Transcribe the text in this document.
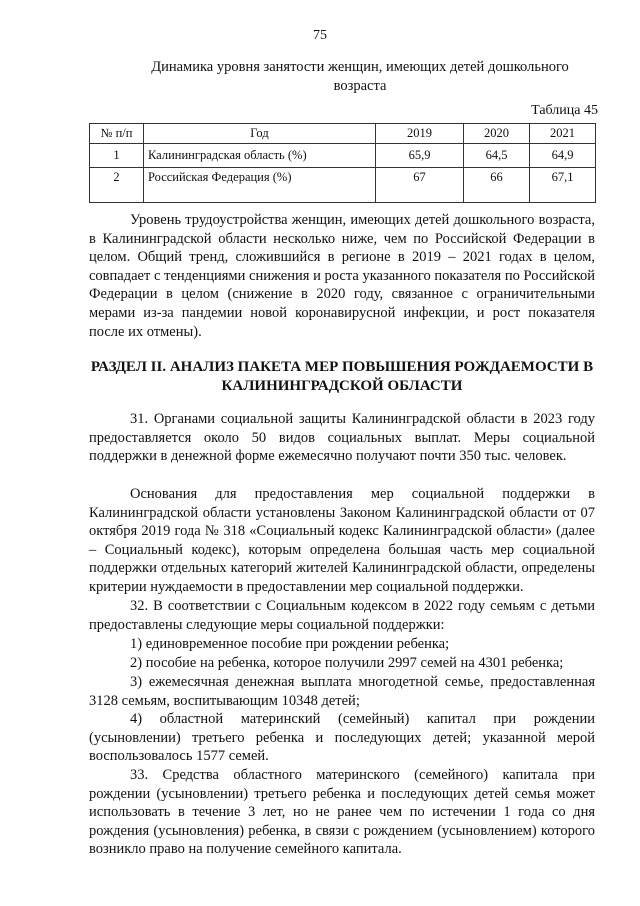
75
Динамика уровня занятости женщин, имеющих детей дошкольного возраста
Таблица 45
№ п/п	Год	2019	2020	2021
1	Калининградская область (%)	65,9	64,5	64,9
2	Российская Федерация (%)	67	66	67,1

Уровень трудоустройства женщин, имеющих детей дошкольного возраста, в Калининградской области несколько ниже, чем по Российской Федерации в целом. Общий тренд, сложившийся в регионе в 2019 – 2021 годах в целом, совпадает с тенденциями снижения и роста указанного показателя по Российской Федерации в целом (снижение в 2020 году, связанное с ограничительными мерами из-за пандемии новой коронавирусной инфекции, и рост показателя после их отмены).

РАЗДЕЛ II. АНАЛИЗ ПАКЕТА МЕР ПОВЫШЕНИЯ РОЖДАЕМОСТИ В КАЛИНИНГРАДСКОЙ ОБЛАСТИ

31. Органами социальной защиты Калининградской области в 2023 году предоставляется около 50 видов социальных выплат. Меры социальной поддержки в денежной форме ежемесячно получают почти 350 тыс. человек.

Основания для предоставления мер социальной поддержки в Калининградской области установлены Законом Калининградской области от 07 октября 2019 года № 318 «Социальный кодекс Калининградской области» (далее – Социальный кодекс), которым определена большая часть мер социальной поддержки отдельных категорий жителей Калининградской области, определены критерии нуждаемости в предоставлении мер социальной поддержки.

32. В соответствии с Социальным кодексом в 2022 году семьям с детьми предоставлены следующие меры социальной поддержки:

1) единовременное пособие при рождении ребенка;

2) пособие на ребенка, которое получили 2997 семей на 4301 ребенка;

3) ежемесячная денежная выплата многодетной семье, предоставленная 3128 семьям, воспитывающим 10348 детей;

4) областной материнский (семейный) капитал при рождении (усыновлении) третьего ребенка и последующих детей; указанной мерой воспользовалось 1577 семей.

33. Средства областного материнского (семейного) капитала при рождении (усыновлении) третьего ребенка и последующих детей семья может использовать в течение 3 лет, но не ранее чем по истечении 1 года со дня рождения (усыновления) ребенка, в связи с рождением (усыновлением) которого возникло право на получение семейного капитала.
